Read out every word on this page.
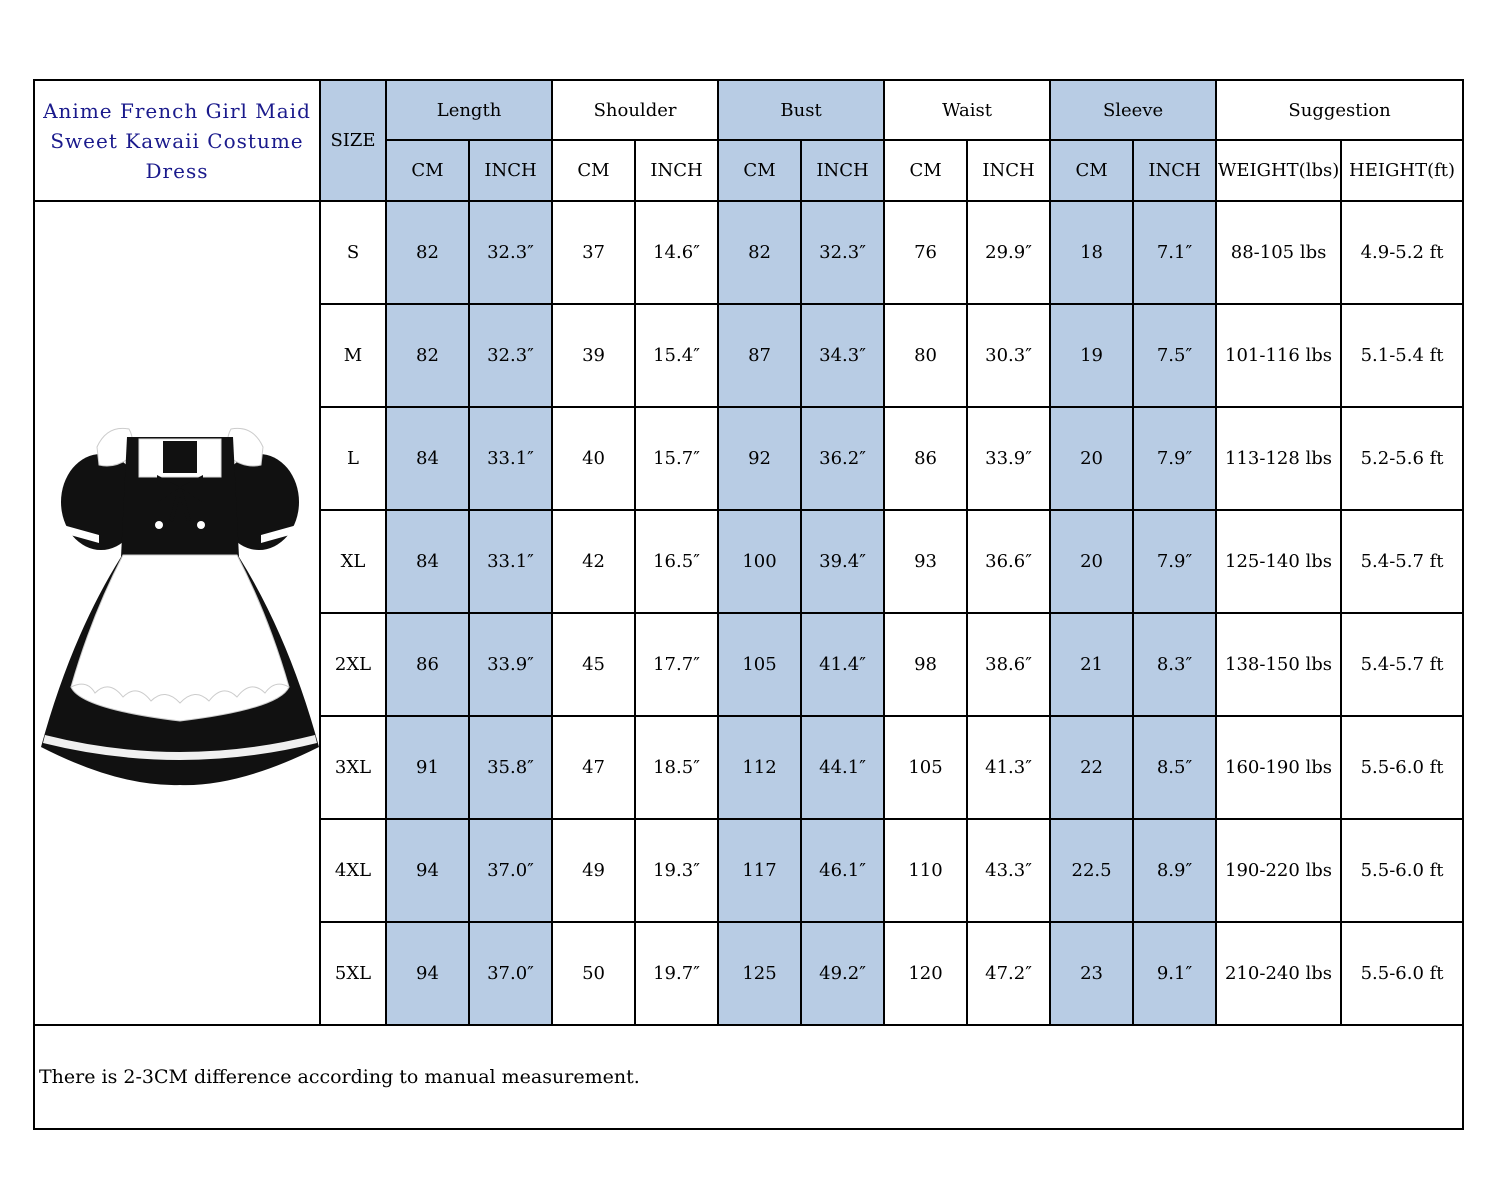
Anime French Girl Maid Sweet Kawaii Costume Dress	SIZE	Length		Shoulder		Bust		Waist		Sleeve		Suggestion	
		CM	INCH	CM	INCH	CM	INCH	CM	INCH	CM	INCH	WEIGHT(lbs)	HEIGHT(ft)

	S	82	32.3″	37	14.6″	82	32.3″	76	29.9″	18	7.1″	88-105 lbs	4.9-5.2 ft
	M	82	32.3″	39	15.4″	87	34.3″	80	30.3″	19	7.5″	101-116 lbs	5.1-5.4 ft
	L	84	33.1″	40	15.7″	92	36.2″	86	33.9″	20	7.9″	113-128 lbs	5.2-5.6 ft
	XL	84	33.1″	42	16.5″	100	39.4″	93	36.6″	20	7.9″	125-140 lbs	5.4-5.7 ft
	2XL	86	33.9″	45	17.7″	105	41.4″	98	38.6″	21	8.3″	138-150 lbs	5.4-5.7 ft
	3XL	91	35.8″	47	18.5″	112	44.1″	105	41.3″	22	8.5″	160-190 lbs	5.5-6.0 ft
	4XL	94	37.0″	49	19.3″	117	46.1″	110	43.3″	22.5	8.9″	190-220 lbs	5.5-6.0 ft
	5XL	94	37.0″	50	19.7″	125	49.2″	120	47.2″	23	9.1″	210-240 lbs	5.5-6.0 ft
There is 2-3CM difference according to manual measurement.													
